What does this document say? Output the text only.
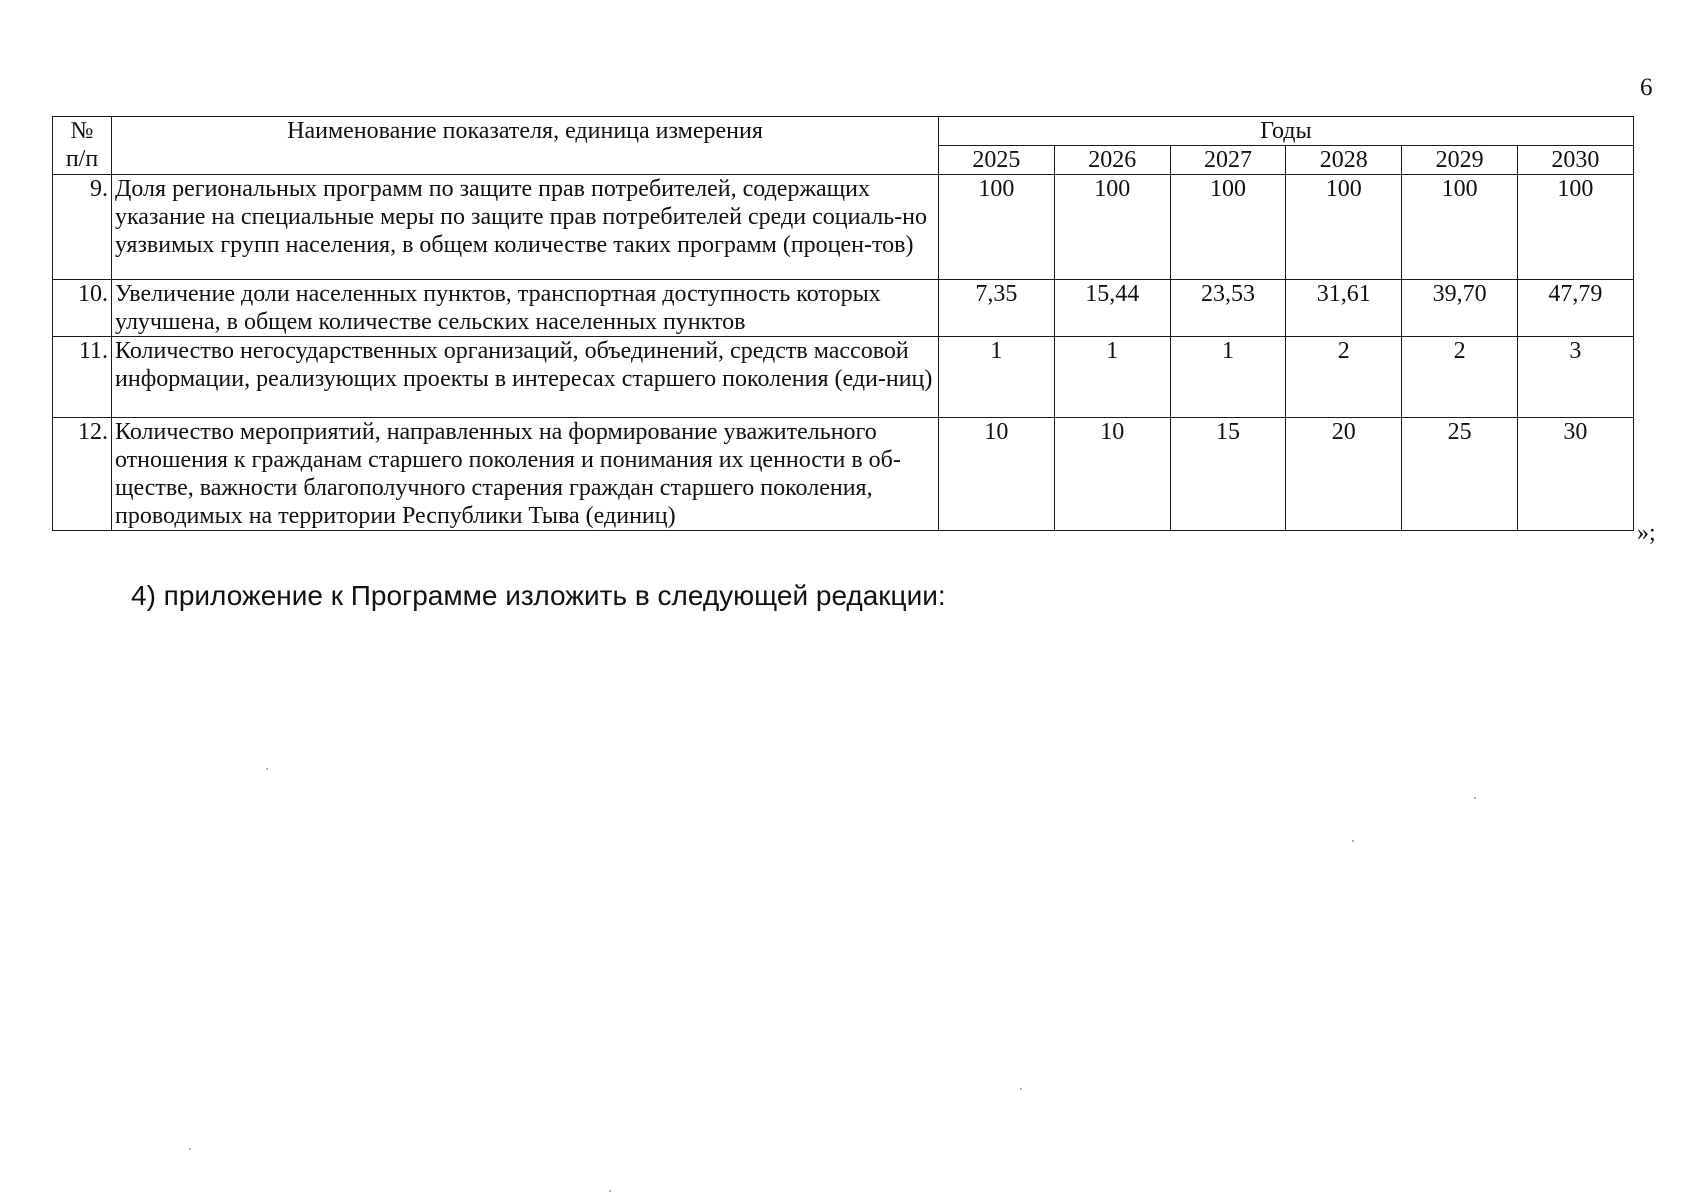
6
№
п/п	Наименование показателя, единица измерения	Годы					
		2025	2026	2027	2028	2029	2030
9.	Доля региональных программ по защите прав потребителей, содержащих указание на специальные меры по защите прав потребителей среди социаль-но уязвимых групп населения, в общем количестве таких программ (процен-тов)	100	100	100	100	100	100
10.	Увеличение доли населенных пунктов, транспортная доступность которых улучшена, в общем количестве сельских населенных пунктов	7,35	15,44	23,53	31,61	39,70	47,79
11.	Количество негосударственных организаций, объединений, средств массовой информации, реализующих проекты в интересах старшего поколения (еди-ниц)	1	1	1	2	2	3
12.	Количество мероприятий, направленных на формирование уважительного отношения к гражданам старшего поколения и понимания их ценности в об-ществе, важности благополучного старения граждан старшего поколения, проводимых на территории Республики Тыва (единиц)	10	10	15	20	25	30
»;
4) приложение к Программе изложить в следующей редакции:
